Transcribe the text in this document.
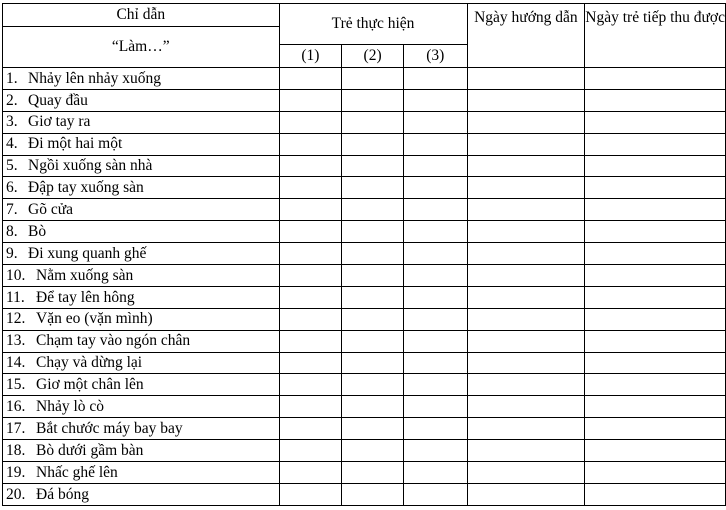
Chỉ dẫn	Trẻ thực hiện			Ngày hướng dẫn	Ngày trẻ tiếp thu được
“Làm…”					
	(1)	(2)	(3)		
1. Nhảy lên nhảy xuống					
2. Quay đầu					
3. Giơ tay ra					
4. Đi một hai một					
5. Ngồi xuống sàn nhà					
6. Đập tay xuống sàn					
7. Gõ cửa					
8. Bò					
9. Đi xung quanh ghế					
10. Nằm xuống sàn					
11. Để tay lên hông					
12. Vặn eo (vặn mình)					
13. Chạm tay vào ngón chân					
14. Chạy và dừng lại					
15. Giơ một chân lên					
16. Nhảy lò cò					
17. Bắt chước máy bay bay					
18. Bò dưới gầm bàn					
19. Nhấc ghế lên					
20. Đá bóng					
